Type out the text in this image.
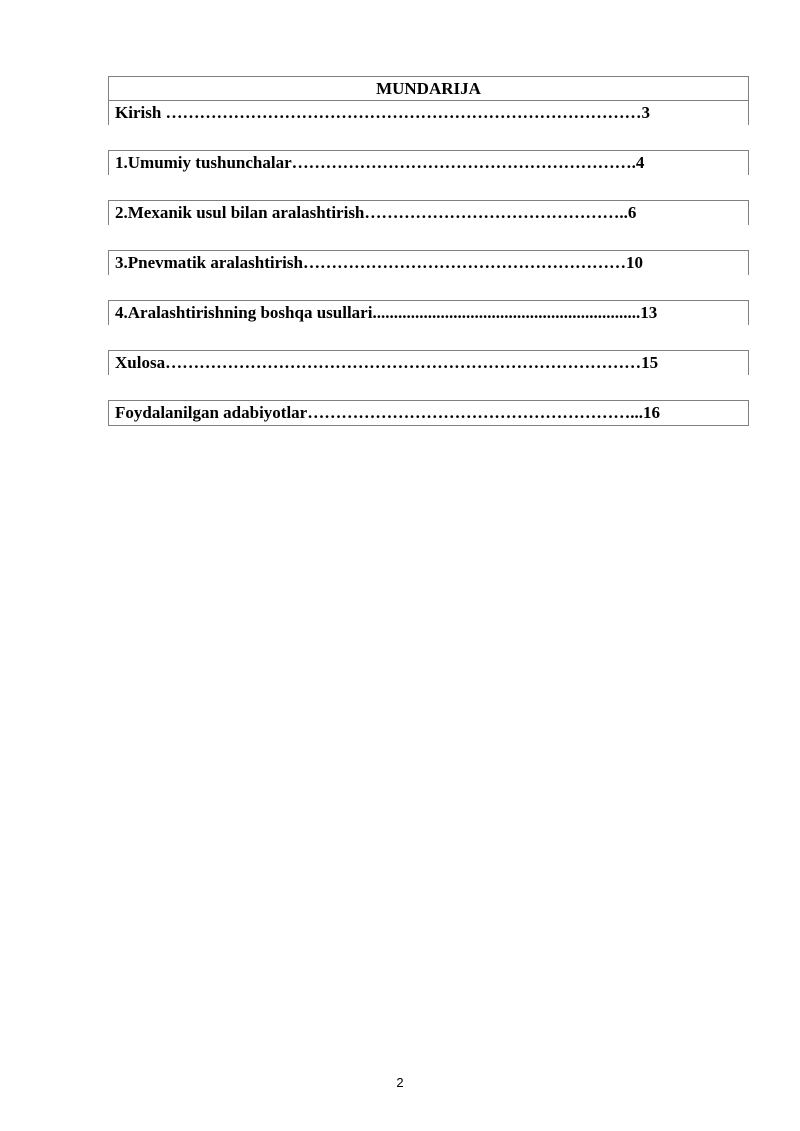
MUNDARIJA
Kirish …………………………………………………………………………3
1.Umumiy tushunchalar…………………………………………………….4
2.Mexanik usul bilan aralashtirish………………………………………..6
3.Pnevmatik aralashtirish…………………………………………………10
4.Aralashtirishning boshqa usullari...............................................................13
Xulosa…………………………………………………………………………15
Foydalanilgan adabiyotlar…………………………………………………...16
2
